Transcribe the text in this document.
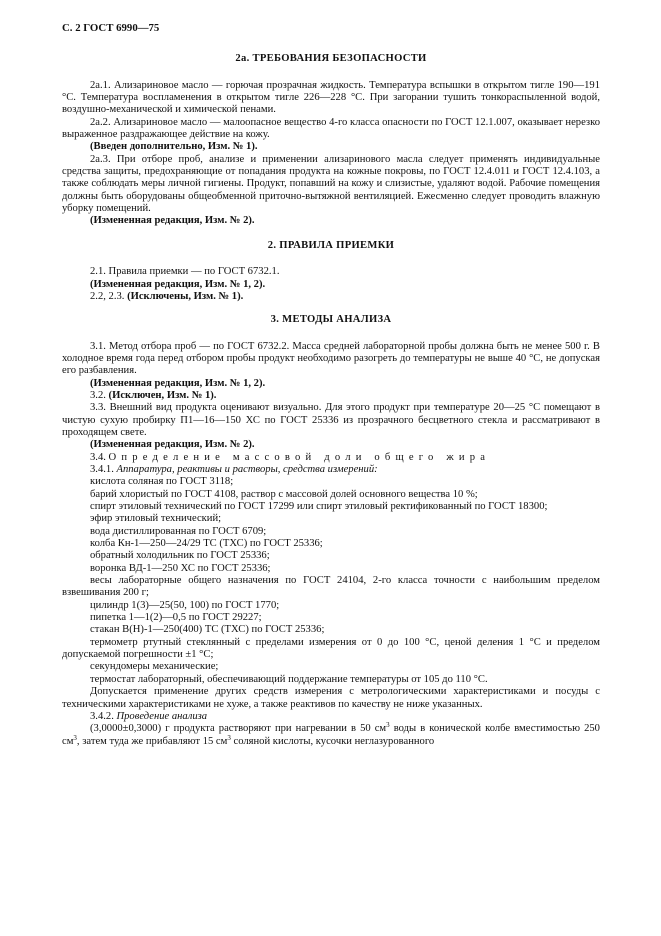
С. 2 ГОСТ 6990—75
2а. ТРЕБОВАНИЯ БЕЗОПАСНОСТИ

2а.1. Ализариновое масло — горючая прозрачная жидкость. Температура вспышки в открытом тигле 190—191 °С. Температура воспламенения в открытом тигле 226—228 °С. При загорании тушить тонкораспыленной водой, воздушно-механической и химической пенами.

2а.2. Ализариновое масло — малоопасное вещество 4-го класса опасности по ГОСТ 12.1.007, оказывает нерезко выраженное раздражающее действие на кожу.

(Введен дополнительно, Изм. № 1).

2а.3. При отборе проб, анализе и применении ализаринового масла следует применять индивидуальные средства защиты, предохраняющие от попадания продукта на кожные покровы, по ГОСТ 12.4.011 и ГОСТ 12.4.103, а также соблюдать меры личной гигиены. Продукт, попавший на кожу и слизистые, удаляют водой. Рабочие помещения должны быть оборудованы общеобменной приточно-вытяжной вентиляцией. Ежесменно следует проводить влажную уборку помещений.

(Измененная редакция, Изм. № 2).

2. ПРАВИЛА ПРИЕМКИ

2.1. Правила приемки — по ГОСТ 6732.1.

(Измененная редакция, Изм. № 1, 2).

2.2, 2.3. (Исключены, Изм. № 1).

3. МЕТОДЫ АНАЛИЗА

3.1. Метод отбора проб — по ГОСТ 6732.2. Масса средней лабораторной пробы должна быть не менее 500 г. В холодное время года перед отбором пробы продукт необходимо разогреть до температуры не выше 40 °С, не допуская его разбавления.

(Измененная редакция, Изм. № 1, 2).

3.2. (Исключен, Изм. № 1).

3.3. Внешний вид продукта оценивают визуально. Для этого продукт при температуре 20—25 °С помещают в чистую сухую пробирку П1—16—150 ХС по ГОСТ 25336 из прозрачного бесцветного стекла и рассматривают в проходящем свете.

(Измененная редакция, Изм. № 2).

3.4. Определение массовой доли общего жира

3.4.1. Аппаратура, реактивы и растворы, средства измерений:

кислота соляная по ГОСТ 3118;

барий хлористый по ГОСТ 4108, раствор с массовой долей основного вещества 10 %;

спирт этиловый технический по ГОСТ 17299 или спирт этиловый ректификованный по ГОСТ 18300;

эфир этиловый технический;

вода дистиллированная по ГОСТ 6709;

колба Кн-1—250—24/29 ТС (ТХС) по ГОСТ 25336;

обратный холодильник по ГОСТ 25336;

воронка ВД-1—250 ХС по ГОСТ 25336;

весы лабораторные общего назначения по ГОСТ 24104, 2-го класса точности с наибольшим пределом взвешивания 200 г;

цилиндр 1(3)—25(50, 100) по ГОСТ 1770;

пипетка 1—1(2)—0,5 по ГОСТ 29227;

стакан В(Н)-1—250(400) ТС (ТХС) по ГОСТ 25336;

термометр ртутный стеклянный с пределами измерения от 0 до 100 °С, ценой деления 1 °С и пределом допускаемой погрешности ±1 °С;

секундомеры механические;

термостат лабораторный, обеспечивающий поддержание температуры от 105 до 110 °С.

Допускается применение других средств измерения с метрологическими характеристиками и посуды с техническими характеристиками не хуже, а также реактивов по качеству не ниже указанных.

3.4.2. Проведение анализа

(3,0000±0,3000) г продукта растворяют при нагревании в 50 $см^3$ воды в конической колбе вместимостью 250 $см^3$, затем туда же прибавляют 15 $см^3$ соляной кислоты, кусочки неглазурованного
